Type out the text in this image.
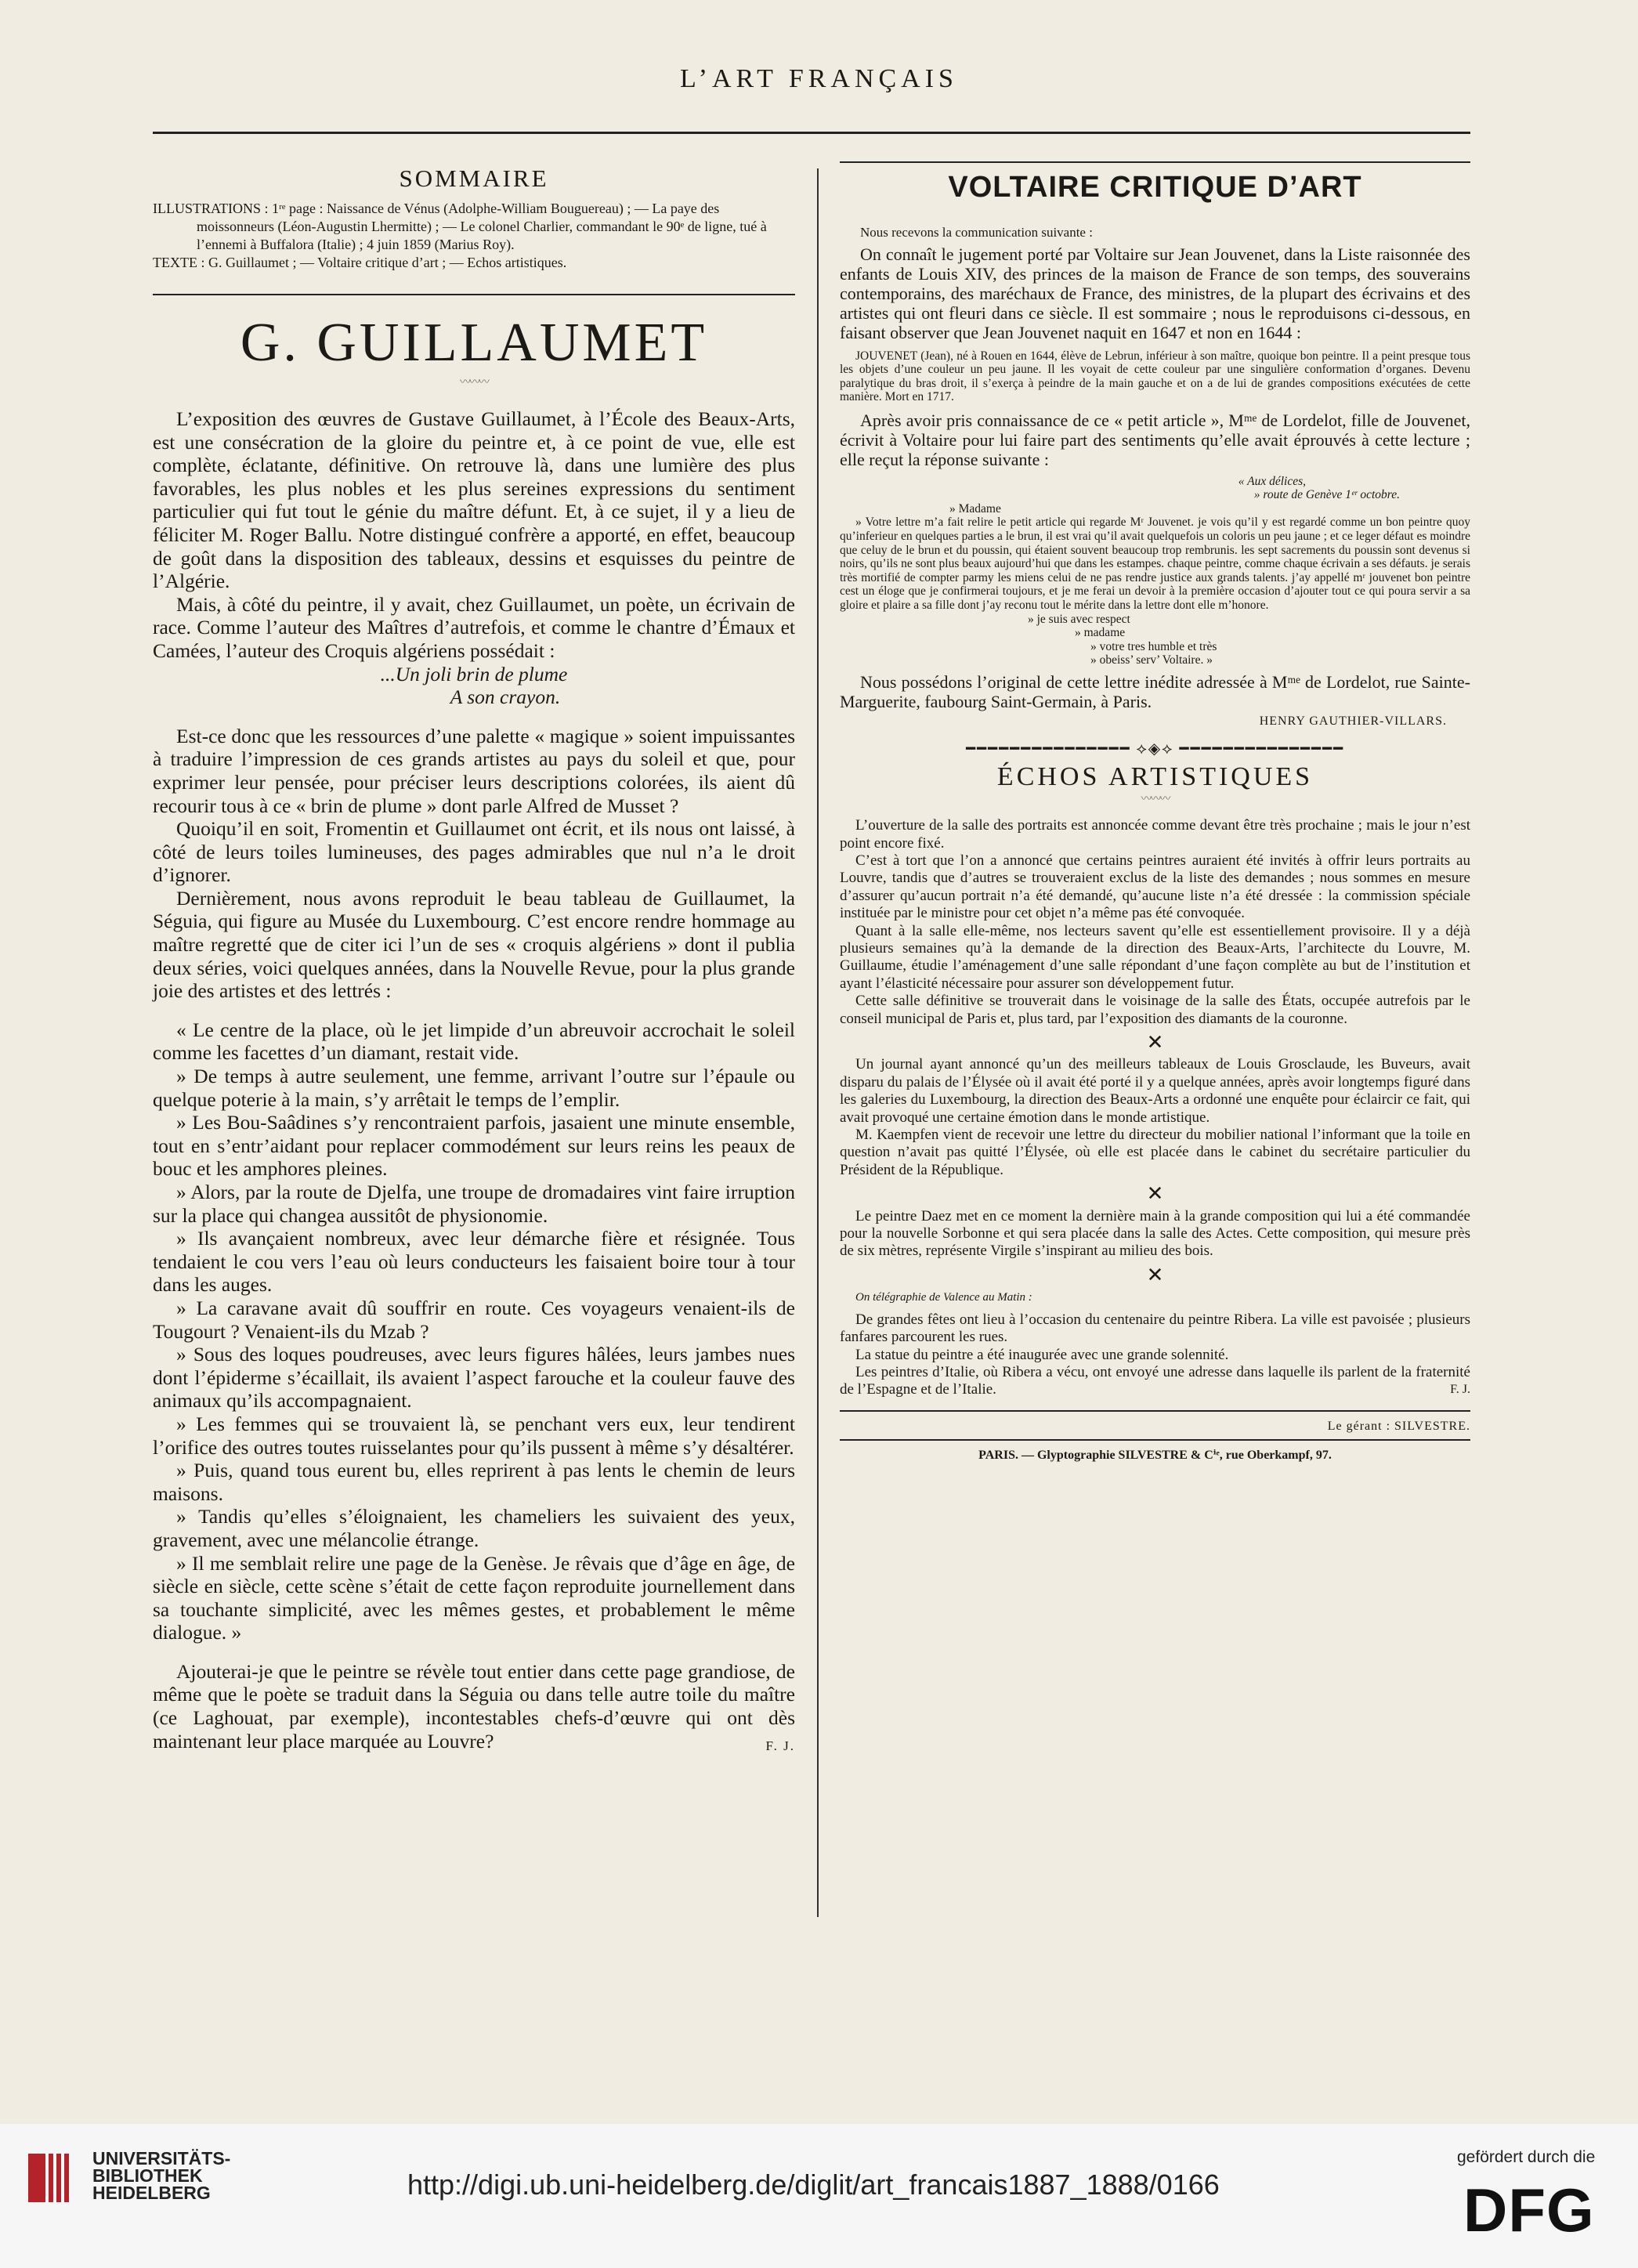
L’ART FRANÇAIS
SOMMAIRE

ILLUSTRATIONS : 1ʳᵉ page : Naissance de Vénus (Adolphe-William Bouguereau) ; — La paye des moissonneurs (Léon-Augustin Lhermitte) ; — Le colonel Charlier, commandant le 90ᵉ de ligne, tué à l’ennemi à Buffalora (Italie) ; 4 juin 1859 (Marius Roy).

TEXTE : G. Guillaumet ; — Voltaire critique d’art ; — Echos artistiques.

G. GUILLAUMET
〰〰〰

L’exposition des œuvres de Gustave Guillaumet, à l’École des Beaux-Arts, est une consécration de la gloire du peintre et, à ce point de vue, elle est complète, éclatante, définitive. On retrouve là, dans une lumière des plus favorables, les plus nobles et les plus sereines expressions du sentiment particulier qui fut tout le génie du maître défunt. Et, à ce sujet, il y a lieu de féliciter M. Roger Ballu. Notre distingué confrère a apporté, en effet, beaucoup de goût dans la disposition des tableaux, dessins et esquisses du peintre de l’Algérie.

Mais, à côté du peintre, il y avait, chez Guillaumet, un poète, un écrivain de race. Comme l’auteur des Maîtres d’autrefois, et comme le chantre d’Émaux et Camées, l’auteur des Croquis algériens possédait :

...Un joli brin de plume

A son crayon.

Est-ce donc que les ressources d’une palette « magique » soient impuissantes à traduire l’impression de ces grands artistes au pays du soleil et que, pour exprimer leur pensée, pour préciser leurs descriptions colorées, ils aient dû recourir tous à ce « brin de plume » dont parle Alfred de Musset ?

Quoiqu’il en soit, Fromentin et Guillaumet ont écrit, et ils nous ont laissé, à côté de leurs toiles lumineuses, des pages admirables que nul n’a le droit d’ignorer.

Dernièrement, nous avons reproduit le beau tableau de Guillaumet, la Séguia, qui figure au Musée du Luxembourg. C’est encore rendre hommage au maître regretté que de citer ici l’un de ses « croquis algériens » dont il publia deux séries, voici quelques années, dans la Nouvelle Revue, pour la plus grande joie des artistes et des lettrés :

« Le centre de la place, où le jet limpide d’un abreuvoir accrochait le soleil comme les facettes d’un diamant, restait vide.

» De temps à autre seulement, une femme, arrivant l’outre sur l’épaule ou quelque poterie à la main, s’y arrêtait le temps de l’emplir.

» Les Bou-Saâdines s’y rencontraient parfois, jasaient une minute ensemble, tout en s’entr’aidant pour replacer commodément sur leurs reins les peaux de bouc et les amphores pleines.

» Alors, par la route de Djelfa, une troupe de dromadaires vint faire irruption sur la place qui changea aussitôt de physionomie.

» Ils avançaient nombreux, avec leur démarche fière et résignée. Tous tendaient le cou vers l’eau où leurs conducteurs les faisaient boire tour à tour dans les auges.

» La caravane avait dû souffrir en route. Ces voyageurs venaient-ils de Tougourt ? Venaient-ils du Mzab ?

» Sous des loques poudreuses, avec leurs figures hâlées, leurs jambes nues dont l’épiderme s’écaillait, ils avaient l’aspect farouche et la couleur fauve des animaux qu’ils accompagnaient.

» Les femmes qui se trouvaient là, se penchant vers eux, leur tendirent l’orifice des outres toutes ruisselantes pour qu’ils pussent à même s’y désaltérer.

» Puis, quand tous eurent bu, elles reprirent à pas lents le chemin de leurs maisons.

» Tandis qu’elles s’éloignaient, les chameliers les suivaient des yeux, gravement, avec une mélancolie étrange.

» Il me semblait relire une page de la Genèse. Je rêvais que d’âge en âge, de siècle en siècle, cette scène s’était de cette façon reproduite journellement dans sa touchante simplicité, avec les mêmes gestes, et probablement le même dialogue. »

Ajouterai-je que le peintre se révèle tout entier dans cette page grandiose, de même que le poète se traduit dans la Séguia ou dans telle autre toile du maître (ce Laghouat, par exemple), incontestables chefs-d’œuvre qui ont dès maintenant leur place marquée au Louvre?	F. J.

VOLTAIRE CRITIQUE D’ART

Nous recevons la communication suivante :

On connaît le jugement porté par Voltaire sur Jean Jouvenet, dans la Liste raisonnée des enfants de Louis XIV, des princes de la maison de France de son temps, des souverains contemporains, des maréchaux de France, des ministres, de la plupart des écrivains et des artistes qui ont fleuri dans ce siècle. Il est sommaire ; nous le reproduisons ci-dessous, en faisant observer que Jean Jouvenet naquit en 1647 et non en 1644 :

JOUVENET (Jean), né à Rouen en 1644, élève de Lebrun, inférieur à son maître, quoique bon peintre. Il a peint presque tous les objets d’une couleur un peu jaune. Il les voyait de cette couleur par une singulière conformation d’organes. Devenu paralytique du bras droit, il s’exerça à peindre de la main gauche et on a de lui de grandes compositions exécutées de cette manière. Mort en 1717.

Après avoir pris connaissance de ce « petit article », Mᵐᵉ de Lordelot, fille de Jouvenet, écrivit à Voltaire pour lui faire part des sentiments qu’elle avait éprouvés à cette lecture ; elle reçut la réponse suivante :

« Aux délices,

» route de Genève 1ᵉʳ octobre.

» Madame

» Votre lettre m’a fait relire le petit article qui regarde Mʳ Jouvenet. je vois qu’il y est regardé comme un bon peintre quoy qu’inferieur en quelques parties a le brun, il est vrai qu’il avait quelquefois un coloris un peu jaune ; et ce leger défaut es moindre que celuy de le brun et du poussin, qui étaient souvent beaucoup trop rembrunis. les sept sacrements du poussin sont devenus si noirs, qu’ils ne sont plus beaux aujourd’hui que dans les estampes. chaque peintre, comme chaque écrivain a ses défauts. je serais très mortifié de compter parmy les miens celui de ne pas rendre justice aux grands talents. j’ay appellé mʳ jouvenet bon peintre cest un éloge que je confirmerai toujours, et je me ferai un devoir à la première occasion d’ajouter tout ce qui poura servir a sa gloire et plaire a sa fille dont j’ay reconu tout le mérite dans la lettre dont elle m’honore.

» je suis avec respect

» madame

» votre tres humble et très

» obeiss’ serv’ Voltaire. »

Nous possédons l’original de cette lettre inédite adressée à Mᵐᵉ de Lordelot, rue Sainte-Marguerite, faubourg Saint-Germain, à Paris.

HENRY GAUTHIER-VILLARS.

━━━━━━━━━━━━━━━ ⟡◈⟡ ━━━━━━━━━━━━━━━
ÉCHOS ARTISTIQUES
〰〰〰

L’ouverture de la salle des portraits est annoncée comme devant être très prochaine ; mais le jour n’est point encore fixé.

C’est à tort que l’on a annoncé que certains peintres auraient été invités à offrir leurs portraits au Louvre, tandis que d’autres se trouveraient exclus de la liste des demandes ; nous sommes en mesure d’assurer qu’aucun portrait n’a été demandé, qu’aucune liste n’a été dressée : la commission spéciale instituée par le ministre pour cet objet n’a même pas été convoquée.

Quant à la salle elle-même, nos lecteurs savent qu’elle est essentiellement provisoire. Il y a déjà plusieurs semaines qu’à la demande de la direction des Beaux-Arts, l’architecte du Louvre, M. Guillaume, étudie l’aménagement d’une salle répondant d’une façon complète au but de l’institution et ayant l’élasticité nécessaire pour assurer son développement futur.

Cette salle définitive se trouverait dans le voisinage de la salle des États, occupée autrefois par le conseil municipal de Paris et, plus tard, par l’exposition des diamants de la couronne.

✕

Un journal ayant annoncé qu’un des meilleurs tableaux de Louis Grosclaude, les Buveurs, avait disparu du palais de l’Élysée où il avait été porté il y a quelque années, après avoir longtemps figuré dans les galeries du Luxembourg, la direction des Beaux-Arts a ordonné une enquête pour éclaircir ce fait, qui avait provoqué une certaine émotion dans le monde artistique.

M. Kaempfen vient de recevoir une lettre du directeur du mobilier national l’informant que la toile en question n’avait pas quitté l’Élysée, où elle est placée dans le cabinet du secrétaire particulier du Président de la République.

✕

Le peintre Daez met en ce moment la dernière main à la grande composition qui lui a été commandée pour la nouvelle Sorbonne et qui sera placée dans la salle des Actes. Cette composition, qui mesure près de six mètres, représente Virgile s’inspirant au milieu des bois.

✕

On télégraphie de Valence au Matin :

De grandes fêtes ont lieu à l’occasion du centenaire du peintre Ribera. La ville est pavoisée ; plusieurs fanfares parcourent les rues.

La statue du peintre a été inaugurée avec une grande solennité.

Les peintres d’Italie, où Ribera a vécu, ont envoyé une adresse dans laquelle ils parlent de la fraternité de l’Espagne et de l’Italie.	F. J.

Le gérant : SILVESTRE.
PARIS. — Glyptographie SILVESTRE & Cⁱᵉ, rue Oberkampf, 97.
UNIVERSITÄTS-
BIBLIOTHEK
HEIDELBERG	http://digi.ub.uni-heidelberg.de/diglit/art_francais1887_1888/0166
gefördert durch die
DFG
